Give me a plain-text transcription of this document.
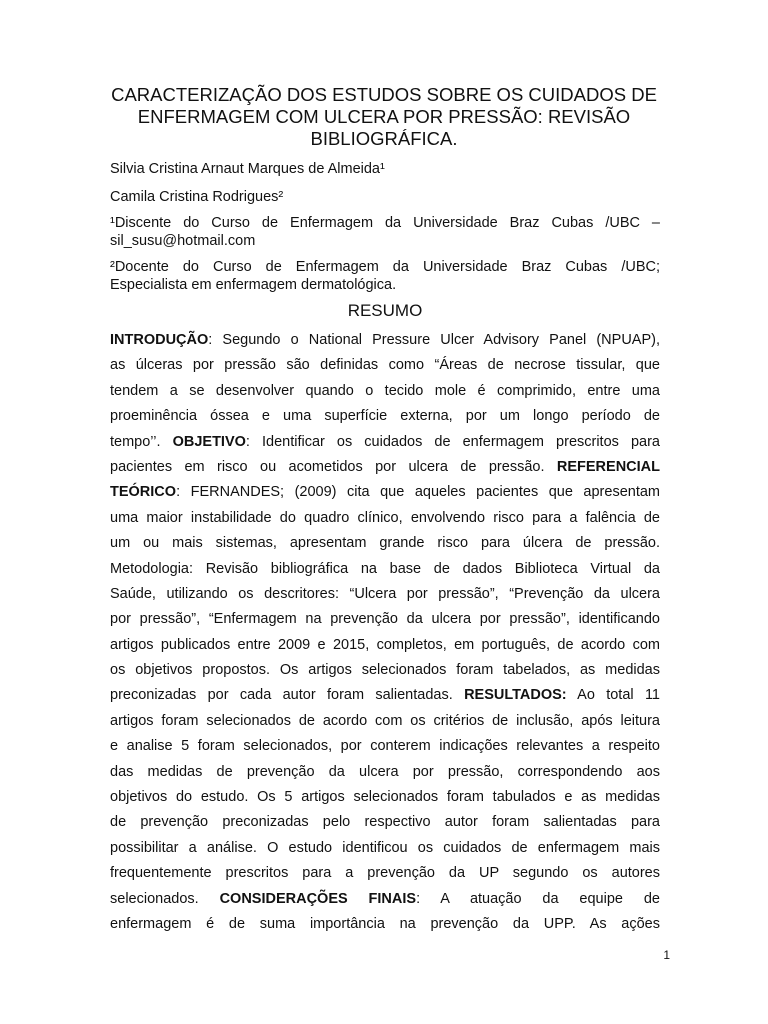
CARACTERIZAÇÃO DOS ESTUDOS SOBRE OS CUIDADOS DE
ENFERMAGEM COM ULCERA POR PRESSÃO: REVISÃO
BIBLIOGRÁFICA.
Silvia Cristina Arnaut Marques de Almeida¹
Camila Cristina Rodrigues²
¹Discente do Curso de Enfermagem da Universidade Braz Cubas /UBC –
sil_susu@hotmail.com
²Docente do Curso de Enfermagem da Universidade Braz Cubas /UBC;
Especialista em enfermagem dermatológica.
RESUMO
INTRODUÇÃO: Segundo o National Pressure Ulcer Advisory Panel (NPUAP),
as úlceras por pressão são definidas como “Áreas de necrose tissular, que
tendem a se desenvolver quando o tecido mole é comprimido, entre uma
proeminência óssea e uma superfície externa, por um longo período de
tempo’’. OBJETIVO: Identificar os cuidados de enfermagem prescritos para
pacientes em risco ou acometidos por ulcera de pressão. REFERENCIAL
TEÓRICO: FERNANDES; (2009) cita que aqueles pacientes que apresentam
uma maior instabilidade do quadro clínico, envolvendo risco para a falência de
um ou mais sistemas, apresentam grande risco para úlcera de pressão.
Metodologia: Revisão bibliográfica na base de dados Biblioteca Virtual da
Saúde, utilizando os descritores: “Ulcera por pressão”, “Prevenção da ulcera
por pressão”, “Enfermagem na prevenção da ulcera por pressão”, identificando
artigos publicados entre 2009 e 2015, completos, em português, de acordo com
os objetivos propostos. Os artigos selecionados foram tabelados, as medidas
preconizadas por cada autor foram salientadas. RESULTADOS: Ao total 11
artigos foram selecionados de acordo com os critérios de inclusão, após leitura
e analise 5 foram selecionados, por conterem indicações relevantes a respeito
das medidas de prevenção da ulcera por pressão, correspondendo aos
objetivos do estudo. Os 5 artigos selecionados foram tabulados e as medidas
de prevenção preconizadas pelo respectivo autor foram salientadas para
possibilitar a análise. O estudo identificou os cuidados de enfermagem mais
frequentemente prescritos para a prevenção da UP segundo os autores
selecionados. CONSIDERAÇÕES FINAIS: A atuação da equipe de
enfermagem é de suma importância na prevenção da UPP. As ações
1
